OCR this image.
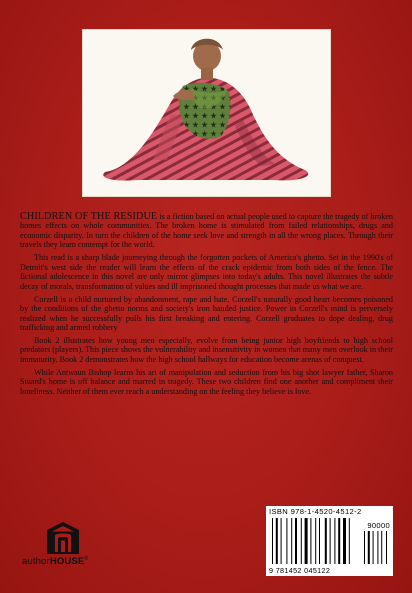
CHILDREN OF THE RESIDUE is a fiction based on actual people used to capture the tragedy of broken homes effects on whole communities. The broken home is stimulated from failed relationships, drugs and economic disparity. In turn the children of the home seek love and strength in all the wrong places. Through their travels they learn contempt for the world.

This read is a sharp blade journeying through the forgotten pockets of America's ghetto. Set in the 1990's of Detroit's west side the reader will learn the effects of the crack epidemic from both sides of the fence. The fictional adolescence in this novel are only mirror glimpses into today's adults. This novel illustrates the subtle decay of morals, transformation of values and ill imprisoned thought processes that made us what we are.

Corzell is a child nurtured by abandonment, rape and hate. Corzell's naturally good heart becomes poisoned by the conditions of the ghetto norms and society's iron handed justice. Power in Corzell's mind is perversely realized when he successfully pulls his first breaking and entering. Corzell graduates to dope dealing, drug trafficking and armed robbery

Book 2 illustrates how young men especially, evolve from being junior high boyfriends to high school predators (players). This piece shows the vulnerability and insensitivity in women that many men overlook in their immaturity. Book 2 demonstrates how the high school hallways for education become arenas of conquest.

While Antwaun Bishop learns his art of manipulation and seduction from his big shot lawyer father, Sharon Stuard's home is off balance and marred in tragedy. These two children find one another and compliment their loneliness. Neither of them ever reach a understanding on the feeling they believe is love.

authorHOUSE®
ISBN 978-1-4520-4512-2
90000
9 781452 045122
